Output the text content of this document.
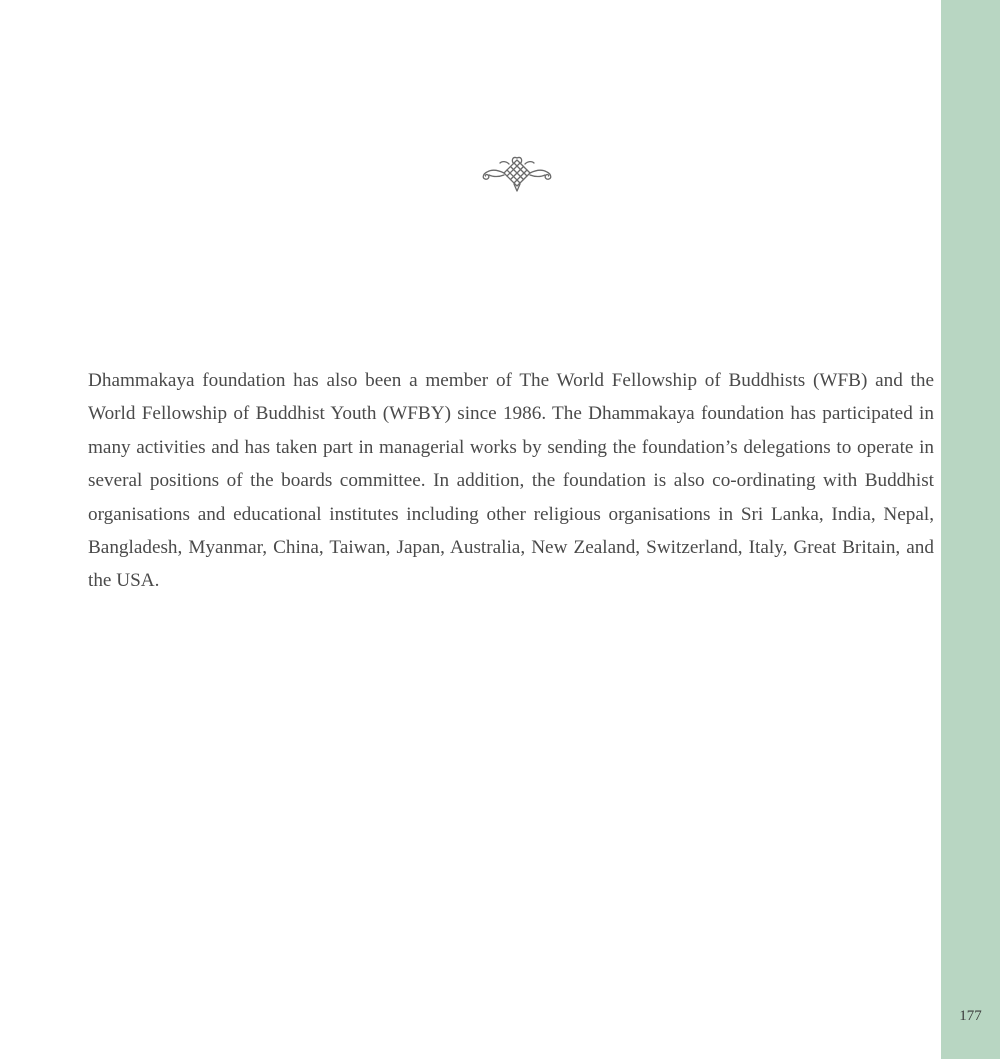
Dhammakaya foundation has also been a member of The World Fellowship of Buddhists (WFB) and the World Fellowship of Buddhist Youth (WFBY) since 1986. The Dhammakaya foundation has participated in many activities and has taken part in managerial works by sending the foundation’s delegations to operate in several positions of the boards committee. In addition, the foundation is also co-ordinating with Buddhist organisations and educational institutes including other religious organisations in Sri Lanka, India, Nepal, Bangladesh, Myanmar, China, Taiwan, Japan, Australia, New Zealand, Switzerland, Italy, Great Britain, and the USA.

177
